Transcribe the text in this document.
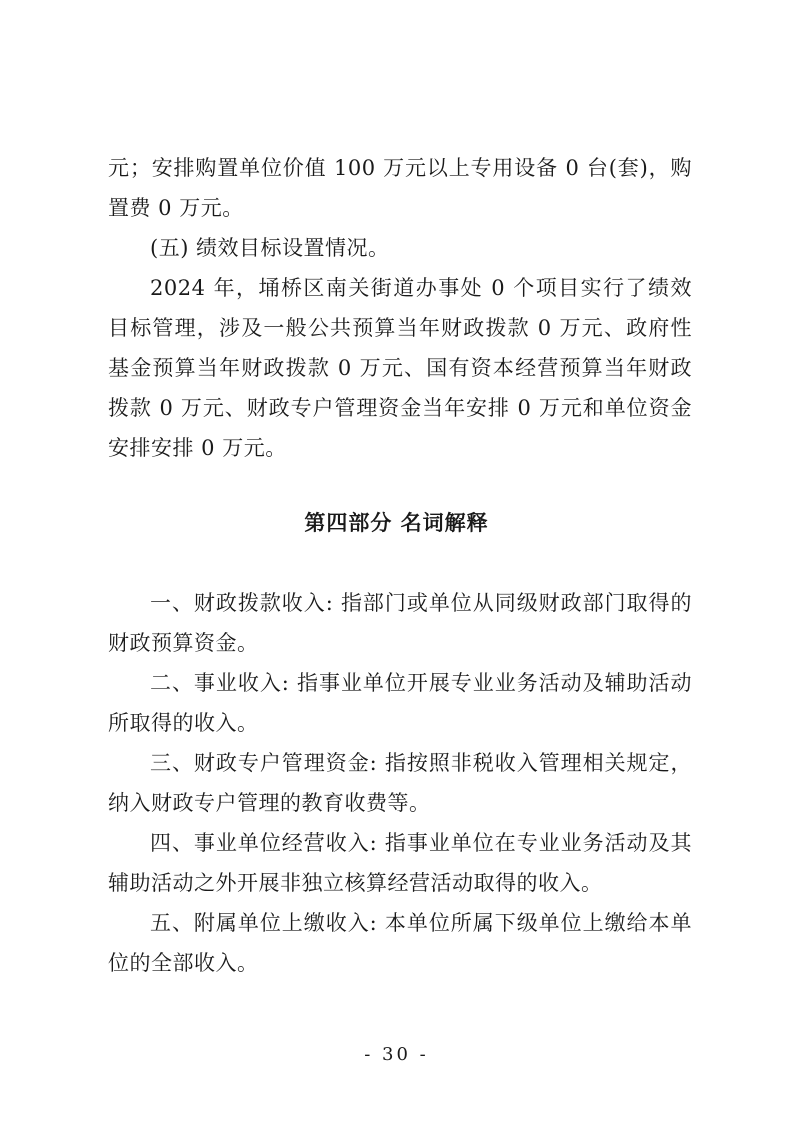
元；安排购置单位价值 100 万元以上专用设备 0 台(套)，购置费 0 万元。

(五) 绩效目标设置情况。

2024 年，埇桥区南关街道办事处 0 个项目实行了绩效目标管理，涉及一般公共预算当年财政拨款 0 万元、政府性基金预算当年财政拨款 0 万元、国有资本经营预算当年财政拨款 0 万元、财政专户管理资金当年安排 0 万元和单位资金安排安排 0 万元。

第四部分 名词解释

一、财政拨款收入: 指部门或单位从同级财政部门取得的财政预算资金。

二、事业收入: 指事业单位开展专业业务活动及辅助活动所取得的收入。

三、财政专户管理资金: 指按照非税收入管理相关规定，纳入财政专户管理的教育收费等。

四、事业单位经营收入: 指事业单位在专业业务活动及其辅助活动之外开展非独立核算经营活动取得的收入。

五、附属单位上缴收入: 本单位所属下级单位上缴给本单位的全部收入。

- 30 -
